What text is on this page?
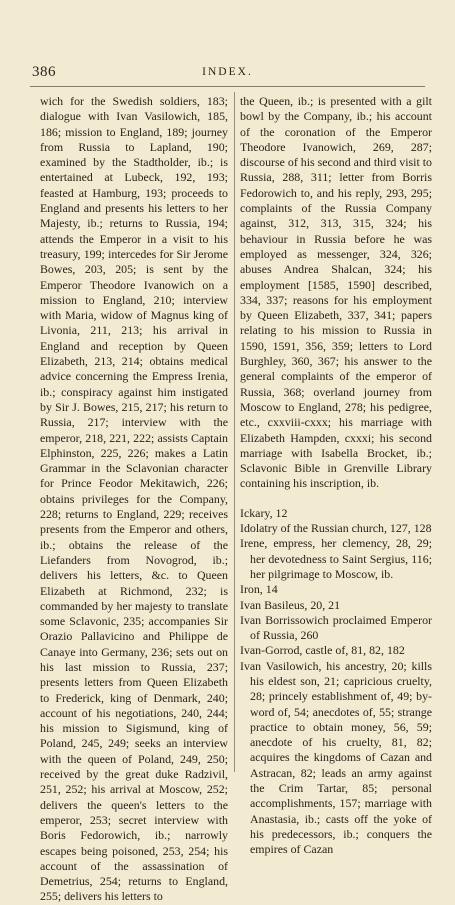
386	INDEX.

wich for the Swedish soldiers, 183; dialogue with Ivan Vasilowich, 185, 186; mission to England, 189; journey from Russia to Lapland, 190; examined by the Stadtholder, ib.; is entertained at Lubeck, 192, 193; feasted at Hamburg, 193; proceeds to England and presents his letters to her Majesty, ib.; returns to Russia, 194; attends the Emperor in a visit to his treasury, 199; intercedes for Sir Jerome Bowes, 203, 205; is sent by the Emperor Theodore Ivanowich on a mission to England, 210; interview with Maria, widow of Magnus king of Livonia, 211, 213; his arrival in England and reception by Queen Elizabeth, 213, 214; obtains medical advice concerning the Empress Irenia, ib.; conspiracy against him instigated by Sir J. Bowes, 215, 217; his return to Russia, 217; interview with the emperor, 218, 221, 222; assists Captain Elphinston, 225, 226; makes a Latin Grammar in the Sclavonian character for Prince Feodor Mekitawich, 226; obtains privileges for the Company, 228; returns to England, 229; receives presents from the Emperor and others, ib.; obtains the release of the Liefanders from Novogrod, ib.; delivers his letters, &c. to Queen Elizabeth at Richmond, 232; is commanded by her majesty to translate some Sclavonic, 235; accompanies Sir Orazio Pallavicino and Philippe de Canaye into Germany, 236; sets out on his last mission to Russia, 237; presents letters from Queen Elizabeth to Frederick, king of Denmark, 240; account of his negotiations, 240, 244; his mission to Sigismund, king of Poland, 245, 249; seeks an interview with the queen of Poland, 249, 250; received by the great duke Radzivil, 251, 252; his arrival at Moscow, 252; delivers the queen's letters to the emperor, 253; secret interview with Boris Fedorowich, ib.; narrowly escapes being poisoned, 253, 254; his account of the assassination of Demetrius, 254; returns to England, 255; delivers his letters to

the Queen, ib.; is presented with a gilt bowl by the Company, ib.; his account of the coronation of the Emperor Theodore Ivanowich, 269, 287; discourse of his second and third visit to Russia, 288, 311; letter from Borris Fedorowich to, and his reply, 293, 295; complaints of the Russia Company against, 312, 313, 315, 324; his behaviour in Russia before he was employed as messenger, 324, 326; abuses Andrea Shalcan, 324; his employment [1585, 1590] described, 334, 337; reasons for his employment by Queen Elizabeth, 337, 341; papers relating to his mission to Russia in 1590, 1591, 356, 359; letters to Lord Burghley, 360, 367; his answer to the general complaints of the emperor of Russia, 368; overland journey from Moscow to England, 278; his pedigree, etc., cxxviii-cxxx; his marriage with Elizabeth Hampden, cxxxi; his second marriage with Isabella Brocket, ib.; Sclavonic Bible in Grenville Library containing his inscription, ib.

Ickary, 12

Idolatry of the Russian church, 127, 128

Irene, empress, her clemency, 28, 29; her devotedness to Saint Sergius, 116; her pilgrimage to Moscow, ib.

Iron, 14

Ivan Basileus, 20, 21

Ivan Borrissowich proclaimed Emperor of Russia, 260

Ivan-Gorrod, castle of, 81, 82, 182

Ivan Vasilowich, his ancestry, 20; kills his eldest son, 21; capricious cruelty, 28; princely establishment of, 49; by-word of, 54; anecdotes of, 55; strange practice to obtain money, 56, 59; anecdote of his cruelty, 81, 82; acquires the kingdoms of Cazan and Astracan, 82; leads an army against the Crim Tartar, 85; personal accomplishments, 157; marriage with Anastasia, ib.; casts off the yoke of his predecessors, ib.; conquers the empires of Cazan
